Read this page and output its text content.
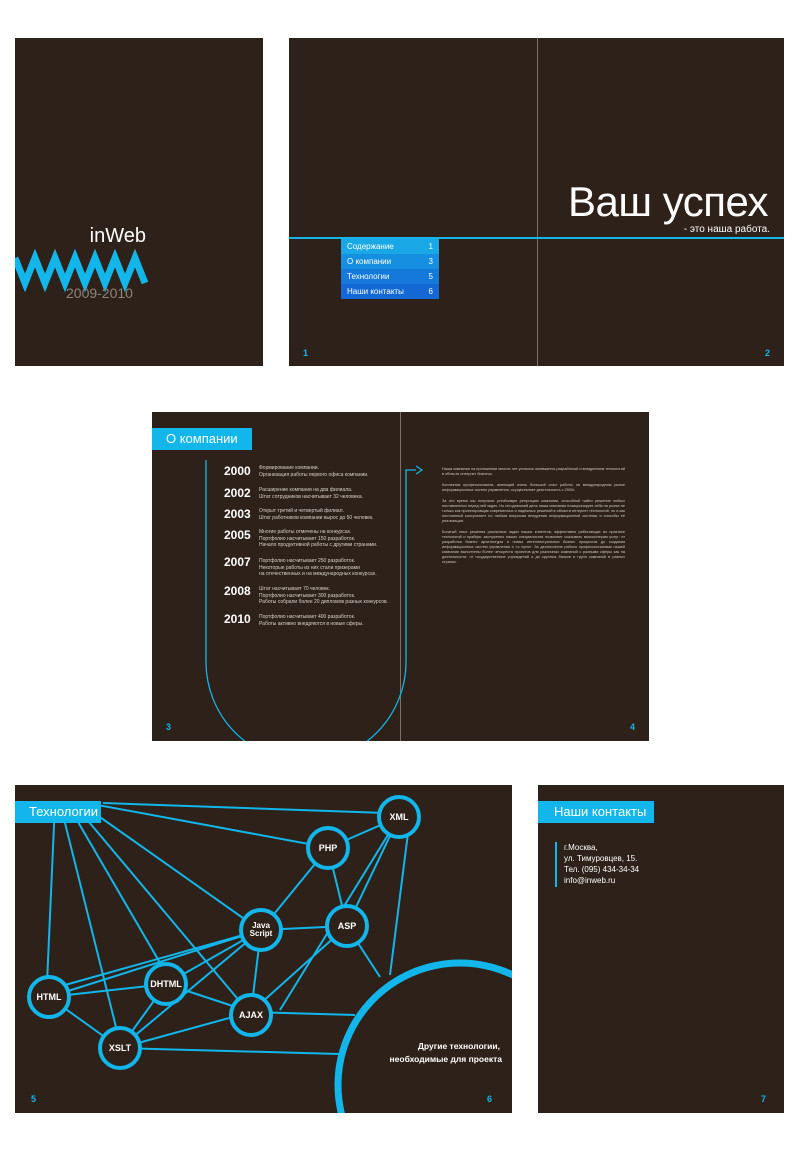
inWeb
2009-2010
Ваш успех
- это наша работа.
Содержание	1
О компании	3
Технологии	5
Наши контакты	6
1	2
О компании
2000 Формирование компании.
Организация работы первого офиса компании.
2002 Расширение компании на два филиала.
Штат сотрудников насчитывает 32 человека.
2003 Открыт третий и четвертый филиал.
Штат работников компании вырос до 50 человек.
2005 Многие работы отмечены на конкурсах.
Портфолио насчитывает 150 разработок.
Начало продуктивной работы с другими странами.
2007 Портфолио насчитывает 250 разработок.
Некоторые работы из них стали призерами
на отечественных и на международных конкурсах.
2008 Штат насчитывает 70 человек.
Портфолио насчитывает 300 разработок.
Работы собрали более 20 дипломов разных конкурсов.
2010 Портфолио насчитывает 400 разработок.
Работы активно внедряются в новые сферы.

Наша компания на протяжении многих лет успешно занимается разработкой и внедрением технологий в области интернет бизнеса.

Коллектив профессионалов, имеющий очень большой опыт работы на международном рынке информационных систем управления, осуществляет деятельность с 2000г.

За это время мы получили устойчивую репутацию компании, способной найти решение любых поставленных перед ней задач. Но сегодняшний день наша компания позиционирует себя на рынке не только как проектировщик современных и надёжных решений в области интернет технологий, но и как постоянный консультант по любым вопросам внедрения информационной системы и способы её реализации.

Богатый опыт решения различных задач наших клиентов, эффективно работающих во практике технологий и прайфа: заслуженно наших специалистов позволяет сказывать миссионерам услуг: от разработки бизнес архитектуры и новых интеллектуальных бизнес процессов до создания информационных систем управления и «с нуля». За десятилетие работы профессионалами нашей компании выполнены более четыреста проектов для различных компаний с разными сферы как на деятельности: от государственных учреждений и до крупных банков и групп компаний в разных странах.

3	4
XML
PHP
Java
Script
ASP
DHTML
HTML
AJAX
XSLT	Другие технологии,
необходимые для проекта
Технологии
5	6
Наши контакты
г.Москва,
ул. Тимуровцев, 15.
Тел. (095) 434-34-34
info@inweb.ru
7
